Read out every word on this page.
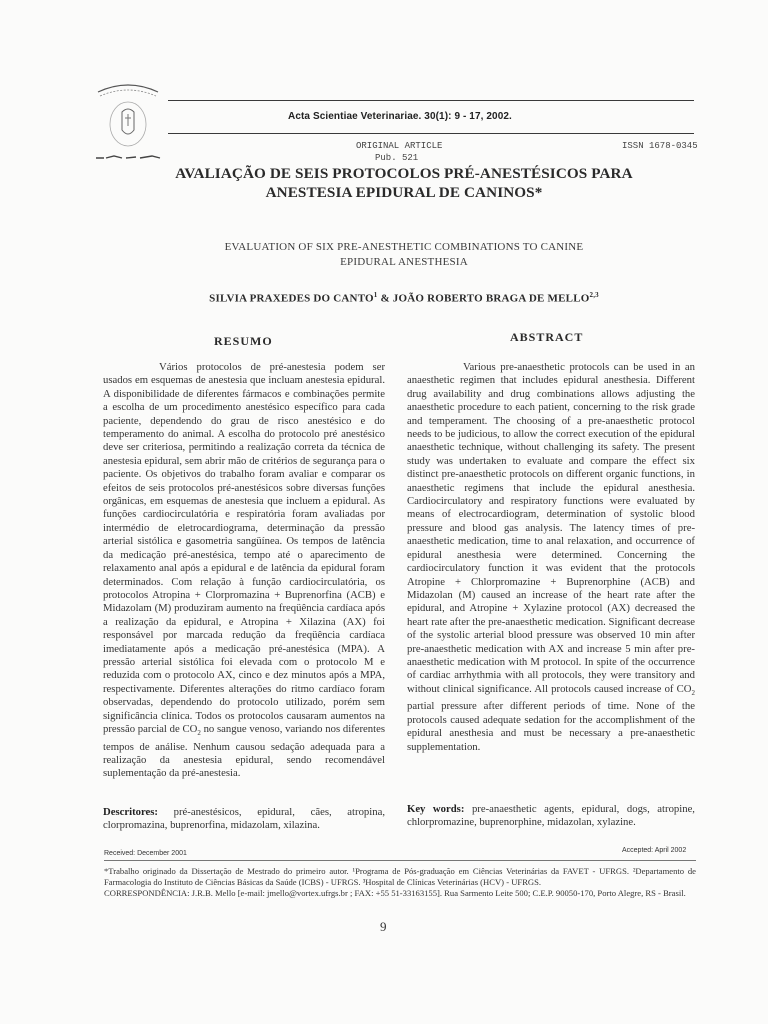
Acta Scientiae Veterinariae. 30(1): 9 - 17, 2002.
ORIGINAL ARTICLE
Pub. 521
ISSN 1678-0345
AVALIAÇÃO DE SEIS PROTOCOLOS PRÉ-ANESTÉSICOS PARA
ANESTESIA EPIDURAL DE CANINOS*
EVALUATION OF SIX PRE-ANESTHETIC COMBINATIONS TO CANINE
EPIDURAL ANESTHESIA
SILVIA PRAXEDES DO CANTO$^1$ & JOÃO ROBERTO BRAGA DE MELLO$^{2,3}$
RESUMO	ABSTRACT

Vários protocolos de pré-anestesia podem ser usados em esquemas de anestesia que incluam anestesia epidural. A disponibilidade de diferentes fármacos e combinações permite a escolha de um procedimento anestésico específico para cada paciente, dependendo do grau de risco anestésico e do temperamento do animal. A escolha do protocolo pré anestésico deve ser criteriosa, permitindo a realização correta da técnica de anestesia epidural, sem abrir mão de critérios de segurança para o paciente. Os objetivos do trabalho foram avaliar e comparar os efeitos de seis protocolos pré-anestésicos sobre diversas funções orgânicas, em esquemas de anestesia que incluem a epidural. As funções cardiocirculatória e respiratória foram avaliadas por intermédio de eletrocardiograma, determinação da pressão arterial sistólica e gasometria sangüínea. Os tempos de latência da medicação pré-anestésica, tempo até o aparecimento de relaxamento anal após a epidural e de latência da epidural foram determinados. Com relação à função cardiocirculatória, os protocolos Atropina + Clorpromazina + Buprenorfina (ACB) e Midazolam (M) produziram aumento na freqüência cardíaca após a realização da epidural, e Atropina + Xilazina (AX) foi responsável por marcada redução da freqüência cardíaca imediatamente após a medicação pré-anestésica (MPA). A pressão arterial sistólica foi elevada com o protocolo M e reduzida com o protocolo AX, cinco e dez minutos após a MPA, respectivamente. Diferentes alterações do ritmo cardíaco foram observadas, dependendo do protocolo utilizado, porém sem significância clínica. Todos os protocolos causaram aumentos na pressão parcial de $CO_2$ no sangue venoso, variando nos diferentes tempos de análise. Nenhum causou sedação adequada para a realização da anestesia epidural, sendo recomendável suplementação da pré-anestesia.

Various pre-anaesthetic protocols can be used in an anaesthetic regimen that includes epidural anesthesia. Different drug availability and drug combinations allows adjusting the anaesthetic procedure to each patient, concerning to the risk grade and temperament. The choosing of a pre-anaesthetic protocol needs to be judicious, to allow the correct execution of the epidural anaesthetic technique, without challenging its safety. The present study was undertaken to evaluate and compare the effect six distinct pre-anaesthetic protocols on different organic functions, in anaesthetic regimens that include the epidural anesthesia. Cardiocirculatory and respiratory functions were evaluated by means of electrocardiogram, determination of systolic blood pressure and blood gas analysis. The latency times of pre-anaesthetic medication, time to anal relaxation, and occurrence of epidural anesthesia were determined. Concerning the cardiocirculatory function it was evident that the protocols Atropine + Chlorpromazine + Buprenorphine (ACB) and Midazolan (M) caused an increase of the heart rate after the epidural, and Atropine + Xylazine protocol (AX) decreased the heart rate after the pre-anaesthetic medication. Significant decrease of the systolic arterial blood pressure was observed 10 min after pre-anaesthetic medication with AX and increase 5 min after pre-anaesthetic medication with M protocol. In spite of the occurrence of cardiac arrhythmia with all protocols, they were transitory and without clinical significance. All protocols caused increase of $CO_2$ partial pressure after different periods of time. None of the protocols caused adequate sedation for the accomplishment of the epidural anesthesia and must be necessary a pre-anaesthetic supplementation.

Descritores: pré-anestésicos, epidural, cães, atropina, clorpromazina, buprenorfina, midazolam, xilazina.
Key words: pre-anaesthetic agents, epidural, dogs, atropine, chlorpromazine, buprenorphine, midazolan, xylazine.
Received: December 2001	Accepted: April 2002

*Trabalho originado da Dissertação de Mestrado do primeiro autor. ¹Programa de Pós-graduação em Ciências Veterinárias da FAVET - UFRGS. ²Departamento de Farmacologia do Instituto de Ciências Básicas da Saúde (ICBS) - UFRGS. ³Hospital de Clínicas Veterinárias (HCV) - UFRGS.

CORRESPONDÊNCIA: J.R.B. Mello [e-mail: jmello@vortex.ufrgs.br ; FAX: +55 51-33163155]. Rua Sarmento Leite 500; C.E.P. 90050-170, Porto Alegre, RS - Brasil.

9
